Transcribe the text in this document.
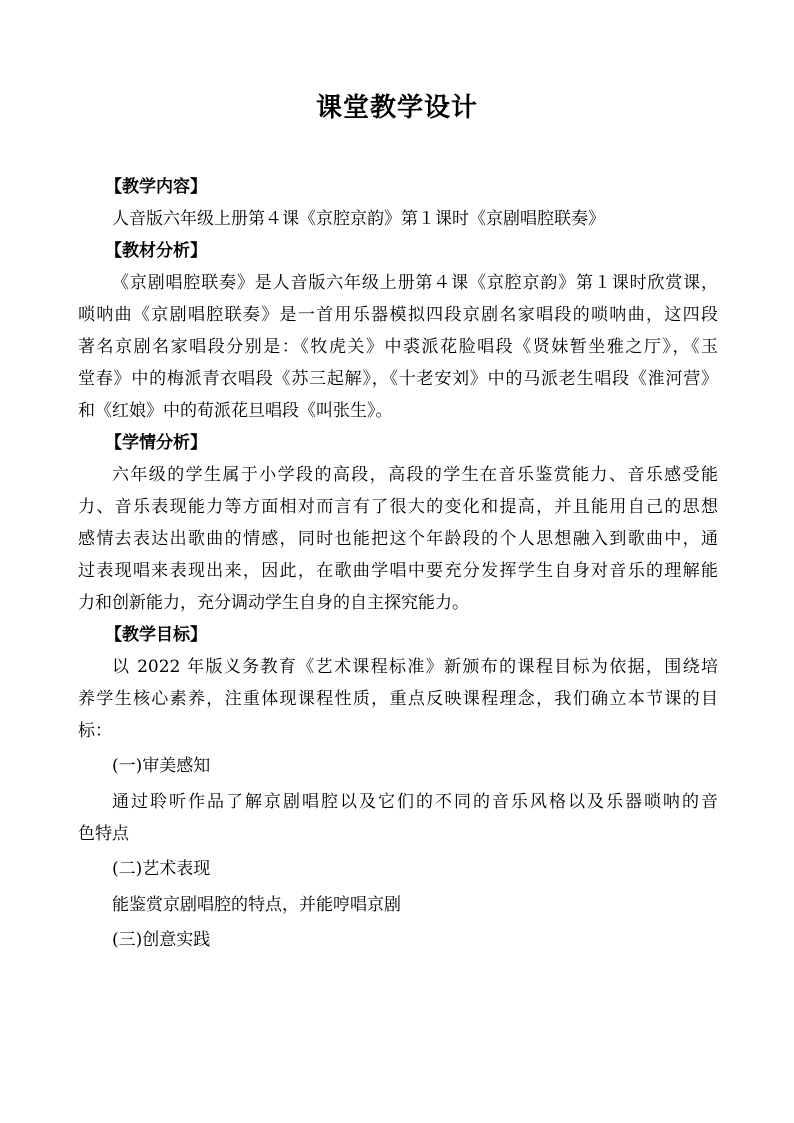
课堂教学设计
【教学内容】
人音版六年级上册第４课《京腔京韵》第１课时《京剧唱腔联奏》
【教材分析】
《京剧唱腔联奏》是人音版六年级上册第４课《京腔京韵》第１课时欣赏课，
唢呐曲《京剧唱腔联奏》是一首用乐器模拟四段京剧名家唱段的唢呐曲，这四段
著名京剧名家唱段分别是：《牧虎关》中裘派花脸唱段《贤妹暂坐雅之厅》，《玉
堂春》中的梅派青衣唱段《苏三起解》，《十老安刘》中的马派老生唱段《淮河营》
和《红娘》中的荀派花旦唱段《叫张生》。
【学情分析】
六年级的学生属于小学段的高段，高段的学生在音乐鉴赏能力、音乐感受能
力、音乐表现能力等方面相对而言有了很大的变化和提高，并且能用自己的思想
感情去表达出歌曲的情感，同时也能把这个年龄段的个人思想融入到歌曲中，通
过表现唱来表现出来，因此，在歌曲学唱中要充分发挥学生自身对音乐的理解能
力和创新能力，充分调动学生自身的自主探究能力。
【教学目标】
以 2022 年版义务教育《艺术课程标准》新颁布的课程目标为依据，围绕培
养学生核心素养，注重体现课程性质，重点反映课程理念，我们确立本节课的目
标：
(一)审美感知
通过聆听作品了解京剧唱腔以及它们的不同的音乐风格以及乐器唢呐的音
色特点
(二)艺术表现
能鉴赏京剧唱腔的特点，并能哼唱京剧
(三)创意实践
